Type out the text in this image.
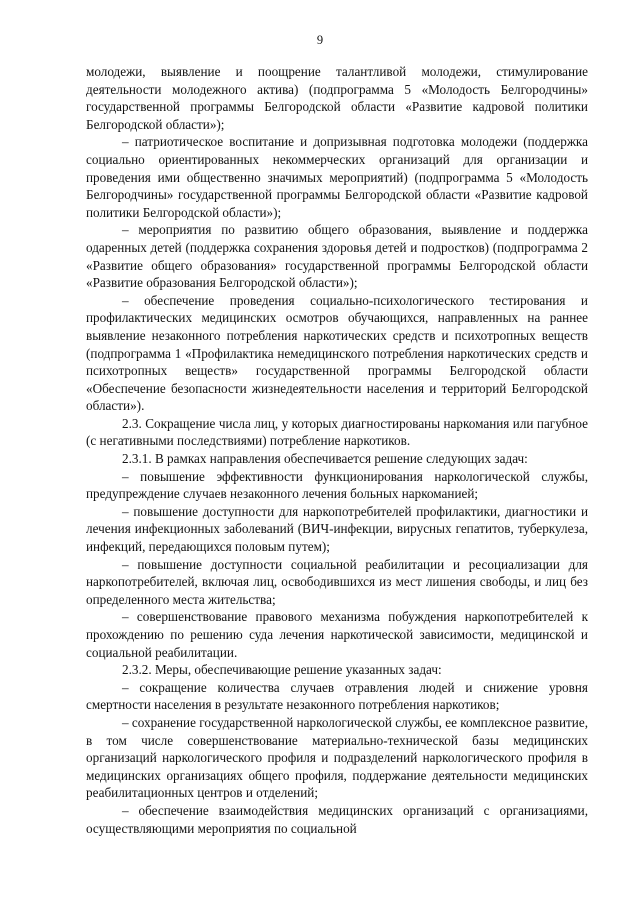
9

молодежи, выявление и поощрение талантливой молодежи, стимулирование деятельности молодежного актива) (подпрограмма 5 «Молодость Белгородчины» государственной программы Белгородской области «Развитие кадровой политики Белгородской области»);

– патриотическое воспитание и допризывная подготовка молодежи (поддержка социально ориентированных некоммерческих организаций для организации и проведения ими общественно значимых мероприятий) (подпрограмма 5 «Молодость Белгородчины» государственной программы Белгородской области «Развитие кадровой политики Белгородской области»);

– мероприятия по развитию общего образования, выявление и поддержка одаренных детей (поддержка сохранения здоровья детей и подростков) (подпрограмма 2 «Развитие общего образования» государственной программы Белгородской области «Развитие образования Белгородской области»);

– обеспечение проведения социально-психологического тестирования и профилактических медицинских осмотров обучающихся, направленных на раннее выявление незаконного потребления наркотических средств и психотропных веществ (подпрограмма 1 «Профилактика немедицинского потребления наркотических средств и психотропных веществ» государственной программы Белгородской области «Обеспечение безопасности жизнедеятельности населения и территорий Белгородской области»).

2.3. Сокращение числа лиц, у которых диагностированы наркомания или пагубное (с негативными последствиями) потребление наркотиков.

2.3.1. В рамках направления обеспечивается решение следующих задач:

– повышение эффективности функционирования наркологической службы, предупреждение случаев незаконного лечения больных наркоманией;

– повышение доступности для наркопотребителей профилактики, диагностики и лечения инфекционных заболеваний (ВИЧ-инфекции, вирусных гепатитов, туберкулеза, инфекций, передающихся половым путем);

– повышение доступности социальной реабилитации и ресоциализации для наркопотребителей, включая лиц, освободившихся из мест лишения свободы, и лиц без определенного места жительства;

– совершенствование правового механизма побуждения наркопотребителей к прохождению по решению суда лечения наркотической зависимости, медицинской и социальной реабилитации.

2.3.2. Меры, обеспечивающие решение указанных задач:

– сокращение количества случаев отравления людей и снижение уровня смертности населения в результате незаконного потребления наркотиков;

– сохранение государственной наркологической службы, ее комплексное развитие, в том числе совершенствование материально-технической базы медицинских организаций наркологического профиля и подразделений наркологического профиля в медицинских организациях общего профиля, поддержание деятельности медицинских реабилитационных центров и отделений;

– обеспечение взаимодействия медицинских организаций с организациями, осуществляющими мероприятия по социальной
